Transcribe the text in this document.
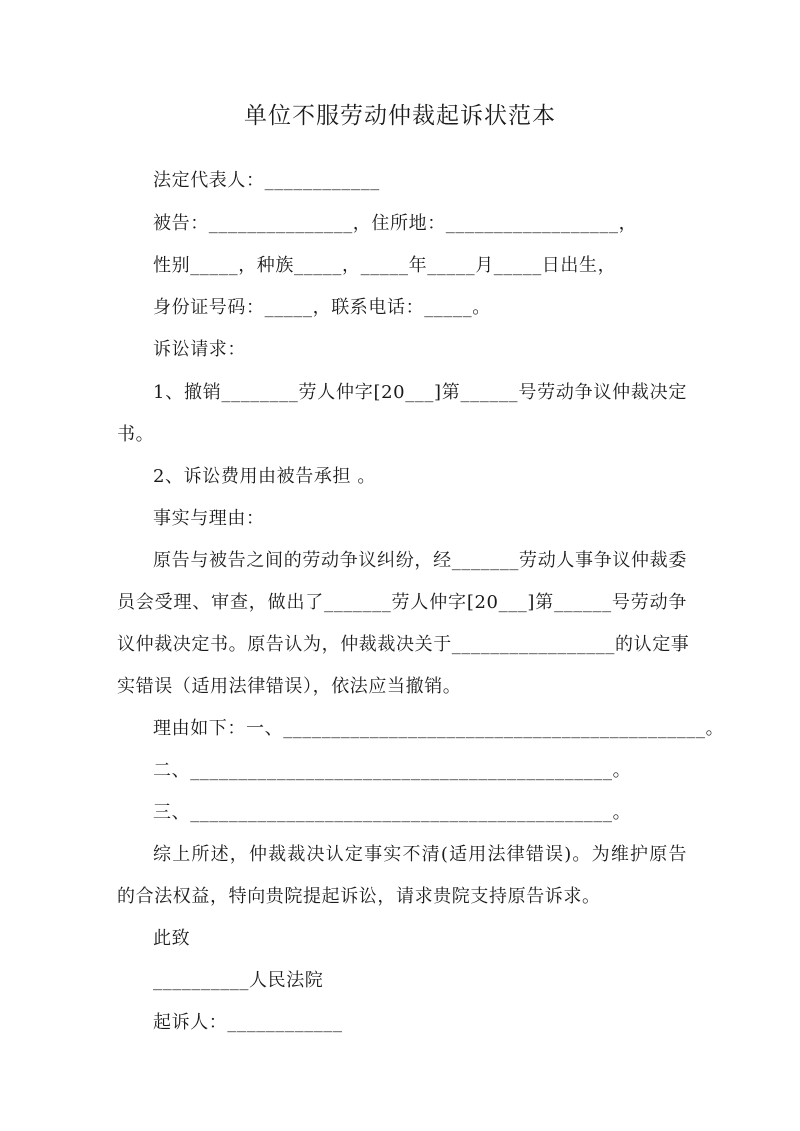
单位不服劳动仲裁起诉状范本
法定代表人：____________
被告：_______________，住所地：__________________，
性别_____，种族_____，_____年_____月_____日出生，
身份证号码：_____，联系电话：_____。
诉讼请求：
1、撤销________劳人仲字[20___]第______号劳动争议仲裁决定
书。
2、诉讼费用由被告承担 。
事实与理由：
原告与被告之间的劳动争议纠纷，经_______劳动人事争议仲裁委
员会受理、审查，做出了_______劳人仲字[20___]第______号劳动争
议仲裁决定书。原告认为，仲裁裁决关于_________________的认定事
实错误（适用法律错误），依法应当撤销。
理由如下：一、____________________________________________。
二、____________________________________________。
三、____________________________________________。
综上所述，仲裁裁决认定事实不清(适用法律错误)。为维护原告
的合法权益，特向贵院提起诉讼，请求贵院支持原告诉求。
此致
__________人民法院
起诉人：____________
